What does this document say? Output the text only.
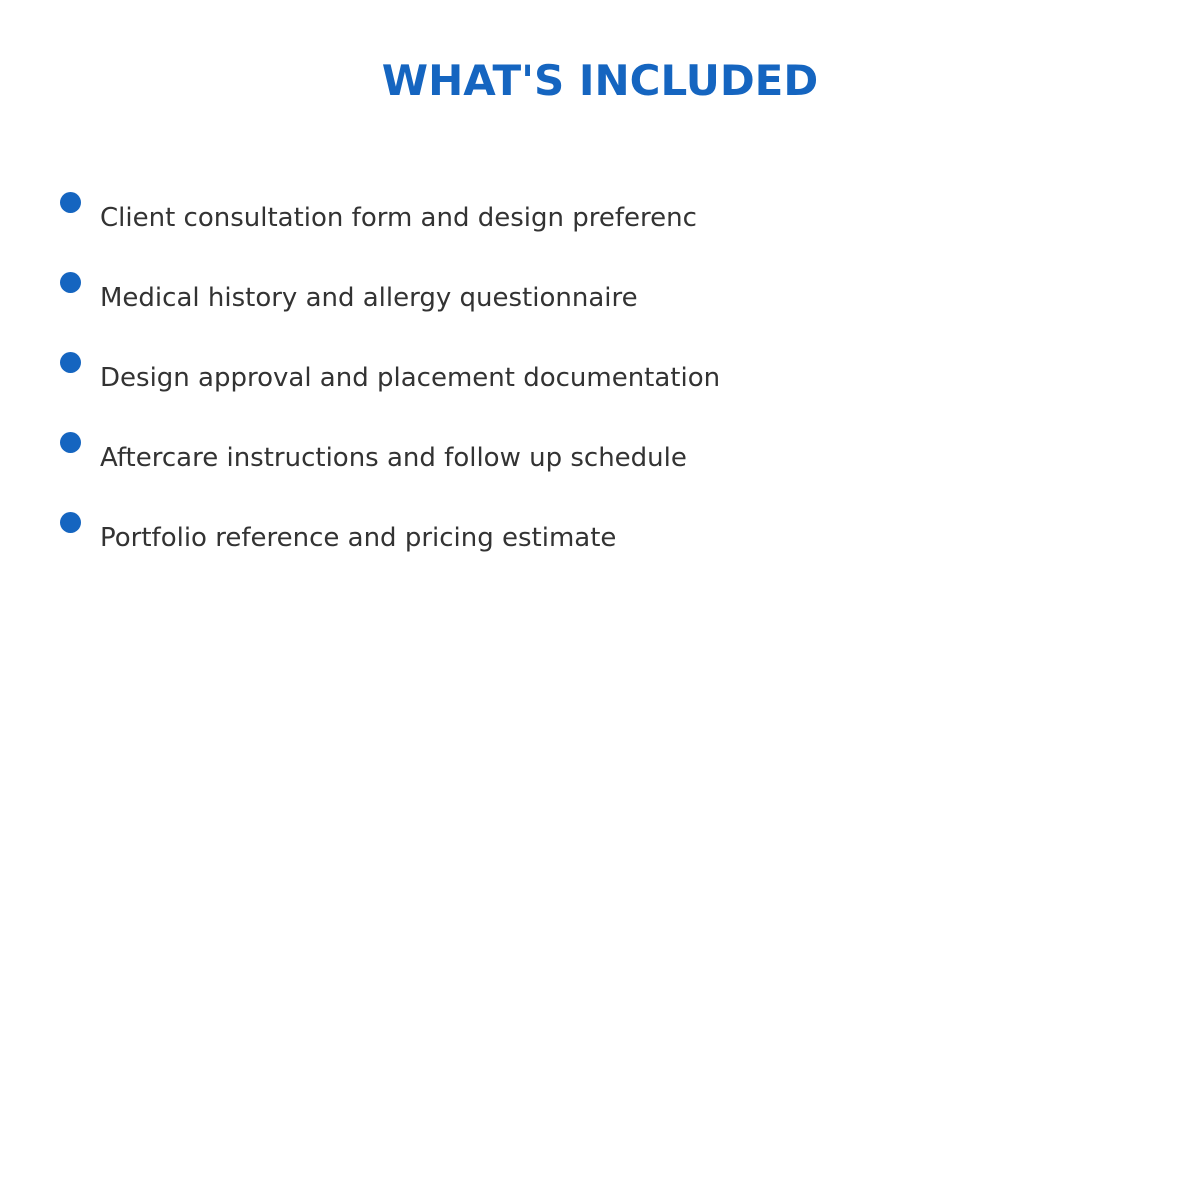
WHAT'S INCLUDED
Client consultation form and design preferenc
Medical history and allergy questionnaire
Design approval and placement documentation
Aftercare instructions and follow up schedule
Portfolio reference and pricing estimate
